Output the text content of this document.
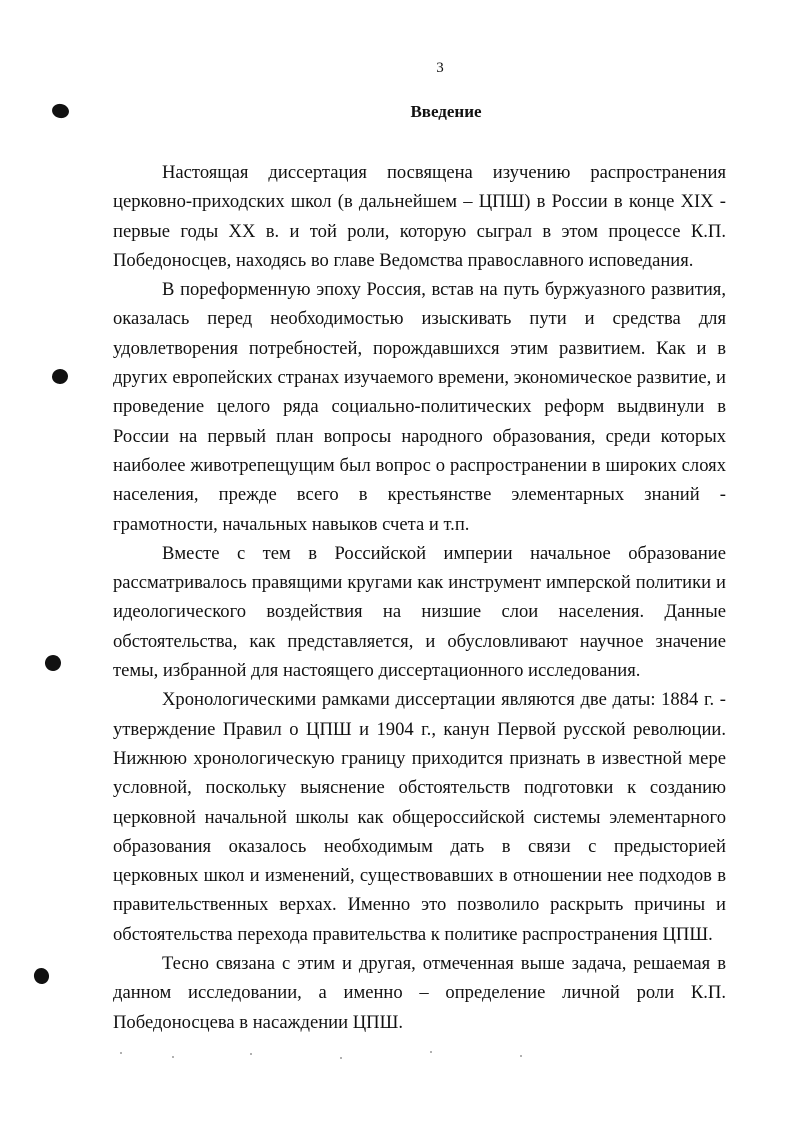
3
Введение

Настоящая диссертация посвящена изучению распространения церковно-приходских школ (в дальнейшем – ЦПШ) в России в конце XIX - первые годы XX в. и той роли, которую сыграл в этом процессе К.П. Победоносцев, находясь во главе Ведомства православного исповедания.

В пореформенную эпоху Россия, встав на путь буржуазного развития, оказалась перед необходимостью изыскивать пути и средства для удовлетворения потребностей, порождавшихся этим развитием. Как и в других европейских странах изучаемого времени, экономическое развитие, и проведение целого ряда социально-политических реформ выдвинули в России на первый план вопросы народного образования, среди которых наиболее животрепещущим был вопрос о распространении в широких слоях населения, прежде всего в крестьянстве элементарных знаний - грамотности, начальных навыков счета и т.п.

Вместе с тем в Российской империи начальное образование рассматривалось правящими кругами как инструмент имперской политики и идеологического воздействия на низшие слои населения. Данные обстоятельства, как представляется, и обусловливают научное значение темы, избранной для настоящего диссертационного исследования.

Хронологическими рамками диссертации являются две даты: 1884 г. - утверждение Правил о ЦПШ и 1904 г., канун Первой русской революции. Нижнюю хронологическую границу приходится признать в известной мере условной, поскольку выяснение обстоятельств подготовки к созданию церковной начальной школы как общероссийской системы элементарного образования оказалось необходимым дать в связи с предысторией церковных школ и изменений, существовавших в отношении нее подходов в правительственных верхах. Именно это позволило раскрыть причины и обстоятельства перехода правительства к политике распространения ЦПШ.

Тесно связана с этим и другая, отмеченная выше задача, решаемая в данном исследовании, а именно – определение личной роли К.П. Победоносцева в насаждении ЦПШ.
